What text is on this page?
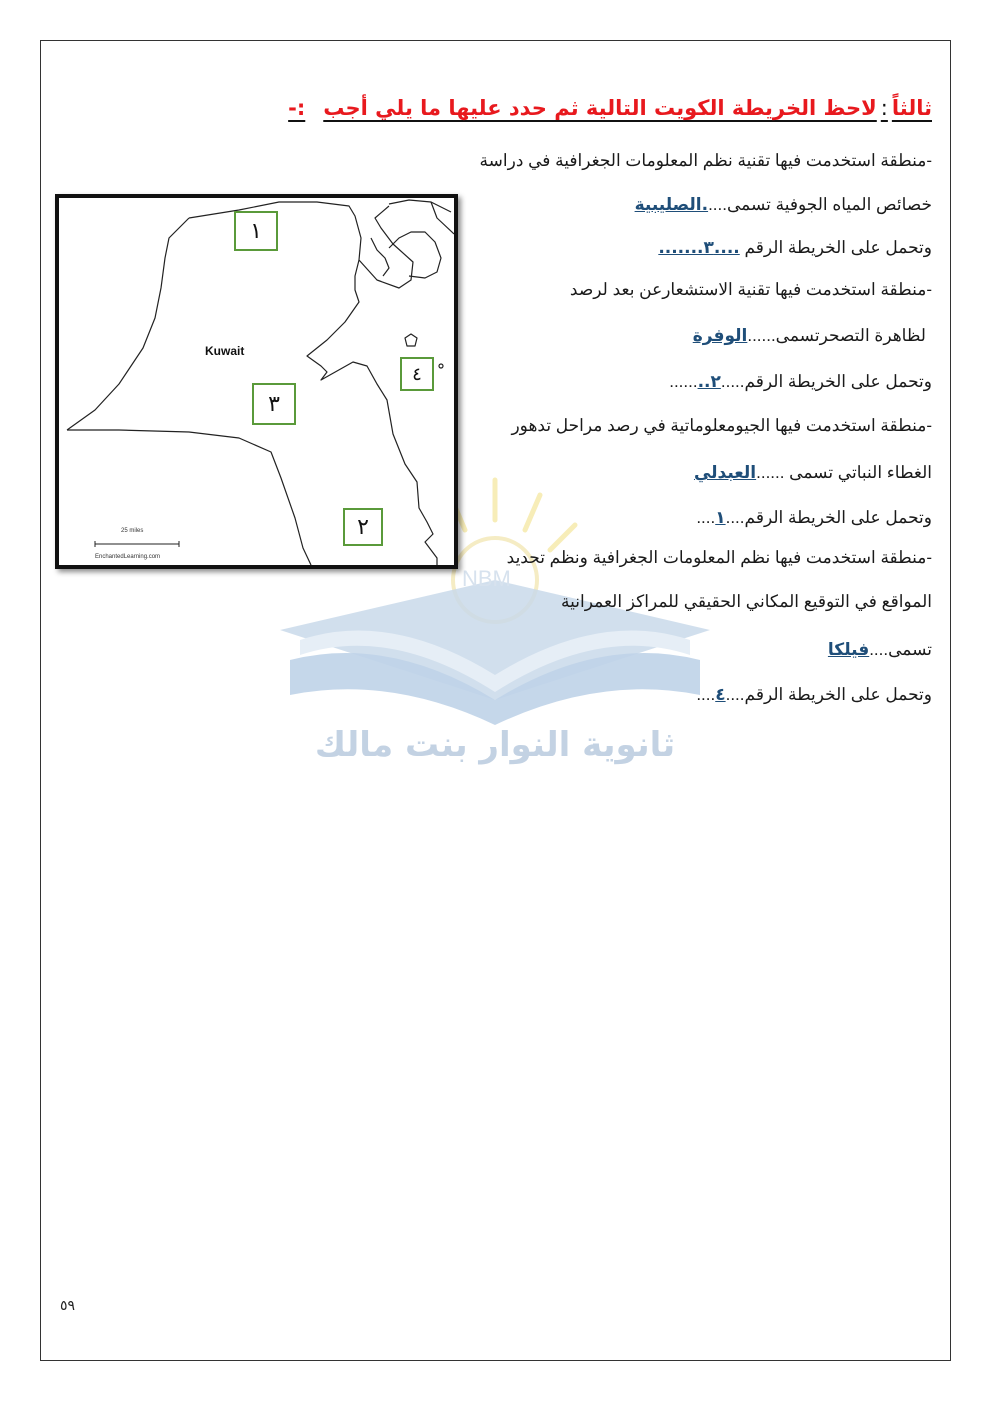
NBM
ثانوية النوار بنت مالك
ثالثاً:لاحظ الخريطة الكويت التالية ثم حدد عليها ما يلي أجب:-
-منطقة استخدمت فيها تقنية نظم المعلومات الجغرافية في دراسة
خصائص المياه الجوفية تسمى.....الصليبية
وتحمل على الخريطة الرقم ....٣.......
-منطقة استخدمت فيها تقنية الاستشعارعن بعد لرصد
لظاهرة التصحرتسمى......الوفرة
وتحمل على الخريطة الرقم.....٢........
-منطقة استخدمت فيها الجيومعلوماتية في رصد مراحل تدهور
الغطاء النباتي تسمى ......العبدلي
وتحمل على الخريطة الرقم....١....
-منطقة استخدمت فيها نظم المعلومات الجغرافية ونظم تحديد
المواقع في التوقيع المكاني الحقيقي للمراكز العمرانية
تسمى....فيلكا
وتحمل على الخريطة الرقم....٤....
Kuwait
25 miles
EnchantedLearning.com
١
٢
٣
٤
٥٩
